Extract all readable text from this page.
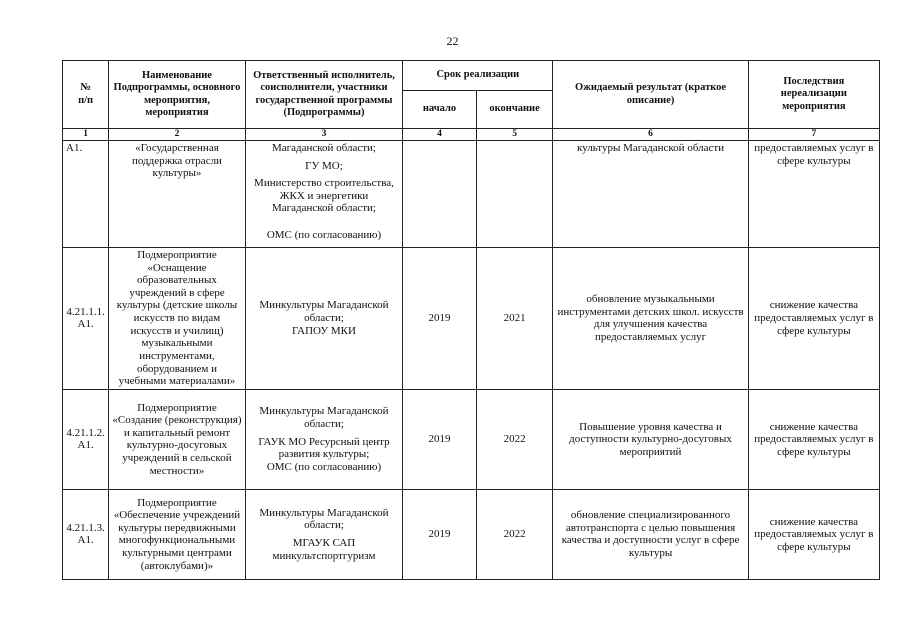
22
№
п/п	Наименование Подпрограммы, основного мероприятия, мероприятия	Ответственный исполнитель, соисполнители, участники государственной программы (Подпрограммы)	Срок реализации		Ожидаемый результат (краткое описание)	Последствия нереализации мероприятия
			начало	окончание		
1	2	3	4	5	6	7
А1.	«Государственная поддержка отрасли культуры»	Магаданской области;
ГУ МО;
Министерство строительства, ЖКХ и энергетики Магаданской области;
ОМС (по согласованию)			культуры Магаданской области	предоставляемых услуг в сфере культуры
4.21.1.1.А1.	Подмероприятие «Оснащение образовательных учреждений в сфере культуры (детские школы искусств по видам искусств и училищ) музыкальными инструментами, оборудованием и учебными материалами»	Минкультуры Магаданской области;
ГАПОУ МКИ	2019	2021	обновление музыкальными инструментами детских школ. искусств для улучшения качества предоставляемых услуг	снижение качества предоставляемых услуг в сфере культуры
4.21.1.2.А1.	Подмероприятие «Создание (реконструкция) и капитальный ремонт культурно-досуговых учреждений в сельской местности»	Минкультуры Магаданской области;
ГАУК МО Ресурсный центр развития культуры;
ОМС (по согласованию)	2019	2022	Повышение уровня качества и доступности культурно-досуговых мероприятий	снижение качества предоставляемых услуг в сфере культуры
4.21.1.3.А1.	Подмероприятие «Обеспечение учреждений культуры передвижными многофункциональными культурными центрами (автоклубами)»	Минкультуры Магаданской области;
МГАУК САП минкультспортгуризм	2019	2022	обновление специализированного автотранспорта с целью повышения качества и доступности услуг в сфере культуры	снижение качества предоставляемых услуг в сфере культуры
